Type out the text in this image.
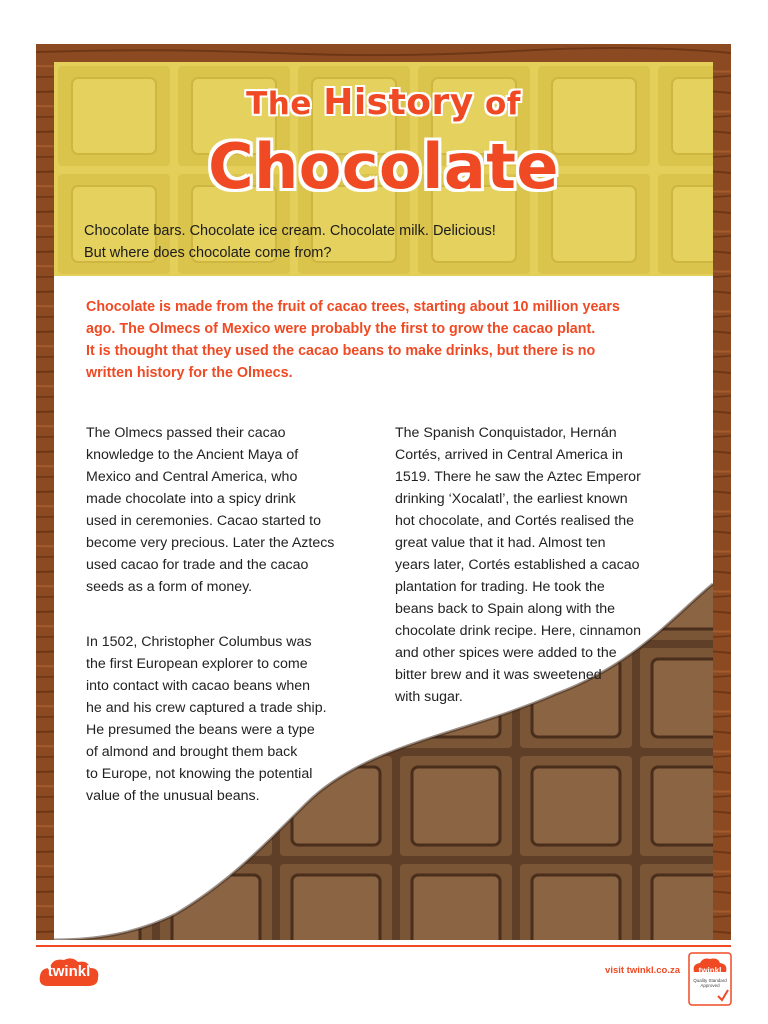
The History of
Chocolate
Chocolate bars. Chocolate ice cream. Chocolate milk. Delicious!
But where does chocolate come from?
Chocolate is made from the fruit of cacao trees, starting about 10 million years
ago. The Olmecs of Mexico were probably the first to grow the cacao plant.
It is thought that they used the cacao beans to make drinks, but there is no
written history for the Olmecs.

The Olmecs passed their cacao
knowledge to the Ancient Maya of
Mexico and Central America, who
made chocolate into a spicy drink
used in ceremonies. Cacao started to
become very precious. Later the Aztecs
used cacao for trade and the cacao
seeds as a form of money.

In 1502, Christopher Columbus was
the first European explorer to come
into contact with cacao beans when
he and his crew captured a trade ship.
He presumed the beans were a type
of almond and brought them back
to Europe, not knowing the potential
value of the unusual beans.

The Spanish Conquistador, Hernán
Cortés, arrived in Central America in
1519. There he saw the Aztec Emperor
drinking ‘Xocalatl’, the earliest known
hot chocolate, and Cortés realised the
great value that it had. Almost ten
years later, Cortés established a cacao
plantation for trading. He took the
beans back to Spain along with the
chocolate drink recipe. Here, cinnamon
and other spices were added to the
bitter brew and it was sweetened
with sugar.

twinkl	visit twinkl.co.za	twinkl
Quality Standard
Approved
